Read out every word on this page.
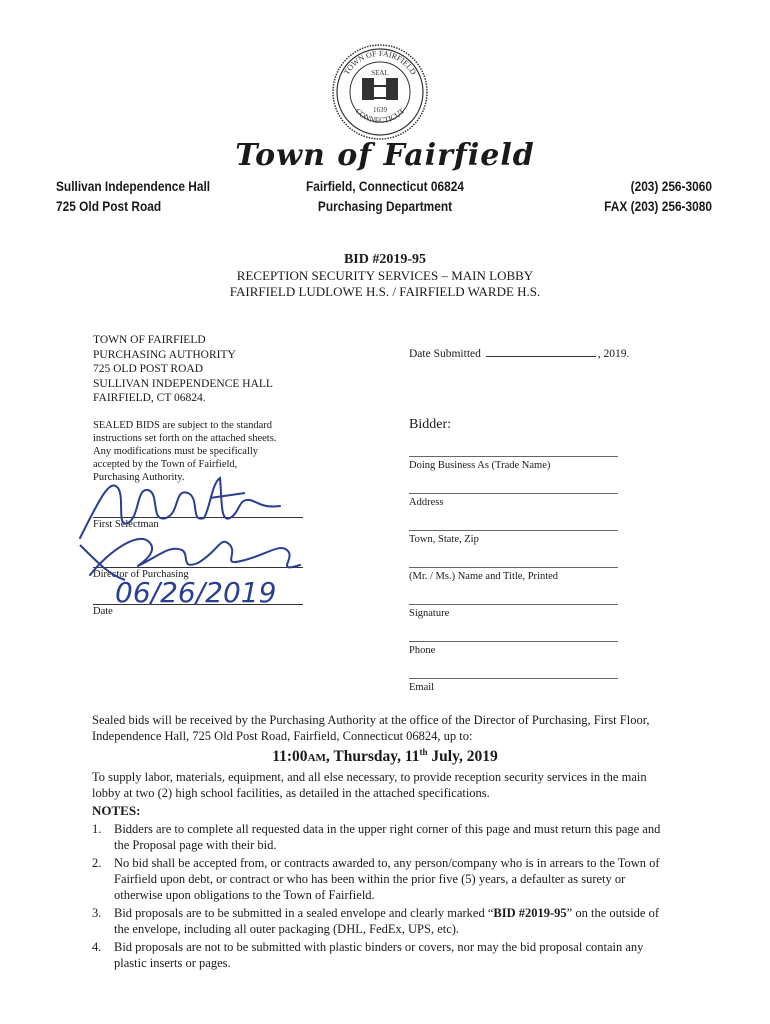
TOWN OF FAIRFIELD
CONNECTICUT
SEAL
1639
Town of Fairfield
Sullivan Independence Hall
725 Old Post Road
Fairfield, Connecticut 06824
Purchasing Department
(203) 256-3060
FAX (203) 256-3080
BID #2019-95
RECEPTION SECURITY SERVICES – MAIN LOBBY
FAIRFIELD LUDLOWE H.S. / FAIRFIELD WARDE H.S.
TOWN OF FAIRFIELD
PURCHASING AUTHORITY
725 OLD POST ROAD
SULLIVAN INDEPENDENCE HALL
FAIRFIELD, CT 06824.
Date Submitted	, 2019.
SEALED BIDS are subject to the standard
instructions set forth on the attached sheets.
Any modifications must be specifically
accepted by the Town of Fairfield,
Purchasing Authority.
First Selectman
Director of Purchasing
Date
06/26/2019
Bidder:
Doing Business As (Trade Name)
Address
Town, State, Zip
(Mr. / Ms.) Name and Title, Printed
Signature
Phone
Email
Sealed bids will be received by the Purchasing Authority at the office of the Director of Purchasing, First Floor,
Independence Hall, 725 Old Post Road, Fairfield, Connecticut 06824, up to:
11:00AM, Thursday, 11th July, 2019
To supply labor, materials, equipment, and all else necessary, to provide reception security services in the main
lobby at two (2) high school facilities, as detailed in the attached specifications.
NOTES:
1.	Bidders are to complete all requested data in the upper right corner of this page and must return this page and the Proposal page with their bid.
2.	No bid shall be accepted from, or contracts awarded to, any person/company who is in arrears to the Town of Fairfield upon debt, or contract or who has been within the prior five (5) years, a defaulter as surety or otherwise upon obligations to the Town of Fairfield.
3.	Bid proposals are to be submitted in a sealed envelope and clearly marked “BID #2019-95” on the outside of the envelope, including all outer packaging (DHL, FedEx, UPS, etc).
4.	Bid proposals are not to be submitted with plastic binders or covers, nor may the bid proposal contain any plastic inserts or pages.
